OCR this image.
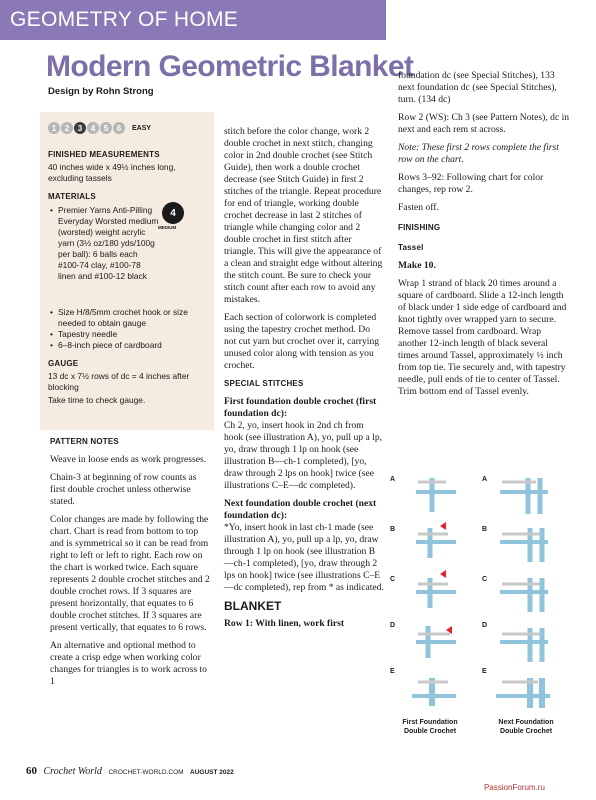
GEOMETRY OF HOME
Modern Geometric Blanket
Design by Rohn Strong
1	2	3	4	5	6	EASY
FINISHED MEASUREMENTS
40 inches wide x 49½ inches long, excluding tassels
MATERIALS
4
MEDIUM
• Premier Yarns Anti-Pilling Everyday Worsted medium (worsted) weight acrylic yarn (3½ oz/180 yds/100g per ball): 6 balls each #100-74 clay, #100-78 linen and #100-12 black
• Size H/8/5mm crochet hook or size needed to obtain gauge
• Tapestry needle
• 6–8-inch piece of cardboard
GAUGE
13 dc x 7½ rows of dc = 4 inches after blocking
Take time to check gauge.
PATTERN NOTES

Weave in loose ends as work progresses.

Chain-3 at beginning of row counts as first double crochet unless otherwise stated.

Color changes are made by following the chart. Chart is read from bottom to top and is symmetrical so it can be read from right to left or left to right. Each row on the chart is worked twice. Each square represents 2 double crochet stitches and 2 double crochet rows. If 3 squares are present horizontally, that equates to 6 double crochet stitches. If 3 squares are present vertically, that equates to 6 rows.

An alternative and optional method to create a crisp edge when working color changes for triangles is to work across to 1

stitch before the color change, work 2 double crochet in next stitch, changing color in 2nd double crochet (see Stitch Guide), then work a double crochet decrease (see Stitch Guide) in first 2 stitches of the triangle. Repeat procedure for end of triangle, working double crochet decrease in last 2 stitches of triangle while changing color and 2 double crochet in first stitch after triangle. This will give the appearance of a clean and straight edge without altering the stitch count. Be sure to check your stitch count after each row to avoid any mistakes.

Each section of colorwork is completed using the tapestry crochet method. Do not cut yarn but crochet over it, carrying unused color along with tension as you crochet.

SPECIAL STITCHES

First foundation double crochet (first foundation dc):

Ch 2, yo, insert hook in 2nd ch from hook (see illustration A), yo, pull up a lp, yo, draw through 1 lp on hook (see illustration B—ch-1 completed), [yo, draw through 2 lps on hook] twice (see illustrations C–E—dc completed).

Next foundation double crochet (next foundation dc):

*Yo, insert hook in last ch-1 made (see illustration A), yo, pull up a lp, yo, draw through 1 lp on hook (see illustration B—ch-1 completed), [yo, draw through 2 lps on hook] twice (see illustrations C–E—dc completed), rep from * as indicated.

BLANKET

Row 1: With linen, work first

foundation dc (see Special Stitches), 133 next foundation dc (see Special Stitches), turn. (134 dc)

Row 2 (WS): Ch 3 (see Pattern Notes), dc in next and each rem st across.

Note: These first 2 rows complete the first row on the chart.

Rows 3–92: Following chart for color changes, rep row 2.

Fasten off.

FINISHING
Tassel

Make 10.

Wrap 1 strand of black 20 times around a square of cardboard. Slide a 12-inch length of black under 1 side edge of cardboard and knot tightly over wrapped yarn to secure. Remove tassel from cardboard. Wrap another 12-inch length of black several times around Tassel, approximately ½ inch from top tie. Tie securely and, with tapestry needle, pull ends of tie to center of Tassel. Trim bottom end of Tassel evenly.

A
B
C
D
E
A
B
C
D
E
First Foundation Double Crochet
Next Foundation Double Crochet
60 Crochet World CROCHET-WORLD.COM AUGUST 2022
PassionForum.ru
